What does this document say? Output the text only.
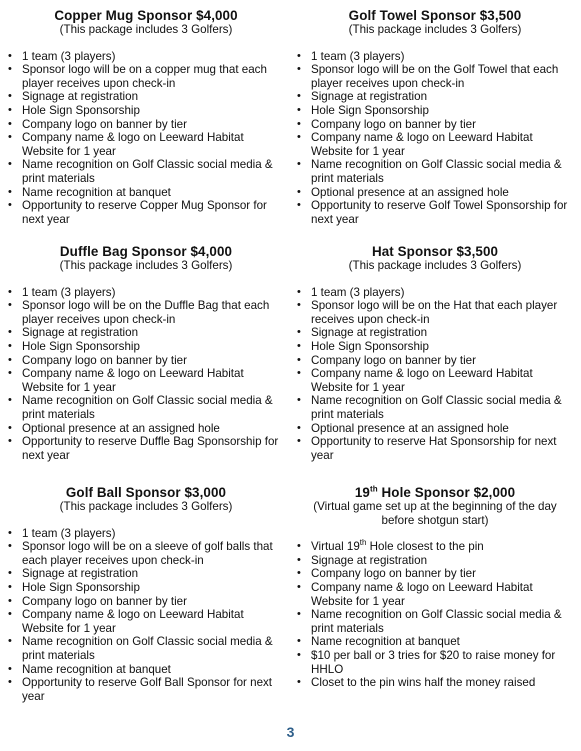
Copper Mug Sponsor $4,000
(This package includes 3 Golfers)
• 1 team (3 players)
• Sponsor logo will be on a copper mug that each player receives upon check-in
• Signage at registration
• Hole Sign Sponsorship
• Company logo on banner by tier
• Company name & logo on Leeward Habitat Website for 1 year
• Name recognition on Golf Classic social media & print materials
• Name recognition at banquet
• Opportunity to reserve Copper Mug Sponsor for next year
Duffle Bag Sponsor $4,000
(This package includes 3 Golfers)
• 1 team (3 players)
• Sponsor logo will be on the Duffle Bag that each player receives upon check-in
• Signage at registration
• Hole Sign Sponsorship
• Company logo on banner by tier
• Company name & logo on Leeward Habitat Website for 1 year
• Name recognition on Golf Classic social media & print materials
• Optional presence at an assigned hole
• Opportunity to reserve Duffle Bag Sponsorship for next year
Golf Ball Sponsor $3,000
(This package includes 3 Golfers)
• 1 team (3 players)
• Sponsor logo will be on a sleeve of golf balls that each player receives upon check-in
• Signage at registration
• Hole Sign Sponsorship
• Company logo on banner by tier
• Company name & logo on Leeward Habitat Website for 1 year
• Name recognition on Golf Classic social media & print materials
• Name recognition at banquet
• Opportunity to reserve Golf Ball Sponsor for next year
Golf Towel Sponsor $3,500
(This package includes 3 Golfers)
• 1 team (3 players)
• Sponsor logo will be on the Golf Towel that each player receives upon check-in
• Signage at registration
• Hole Sign Sponsorship
• Company logo on banner by tier
• Company name & logo on Leeward Habitat Website for 1 year
• Name recognition on Golf Classic social media & print materials
• Optional presence at an assigned hole
• Opportunity to reserve Golf Towel Sponsorship for next year
Hat Sponsor $3,500
(This package includes 3 Golfers)
• 1 team (3 players)
• Sponsor logo will be on the Hat that each player receives upon check-in
• Signage at registration
• Hole Sign Sponsorship
• Company logo on banner by tier
• Company name & logo on Leeward Habitat Website for 1 year
• Name recognition on Golf Classic social media & print materials
• Optional presence at an assigned hole
• Opportunity to reserve Hat Sponsorship for next year
19th Hole Sponsor $2,000
(Virtual game set up at the beginning of the day before shotgun start)
• Virtual 19th Hole closest to the pin
• Signage at registration
• Company logo on banner by tier
• Company name & logo on Leeward Habitat Website for 1 year
• Name recognition on Golf Classic social media & print materials
• Name recognition at banquet
• $10 per ball or 3 tries for $20 to raise money for HHLO
• Closet to the pin wins half the money raised
3
